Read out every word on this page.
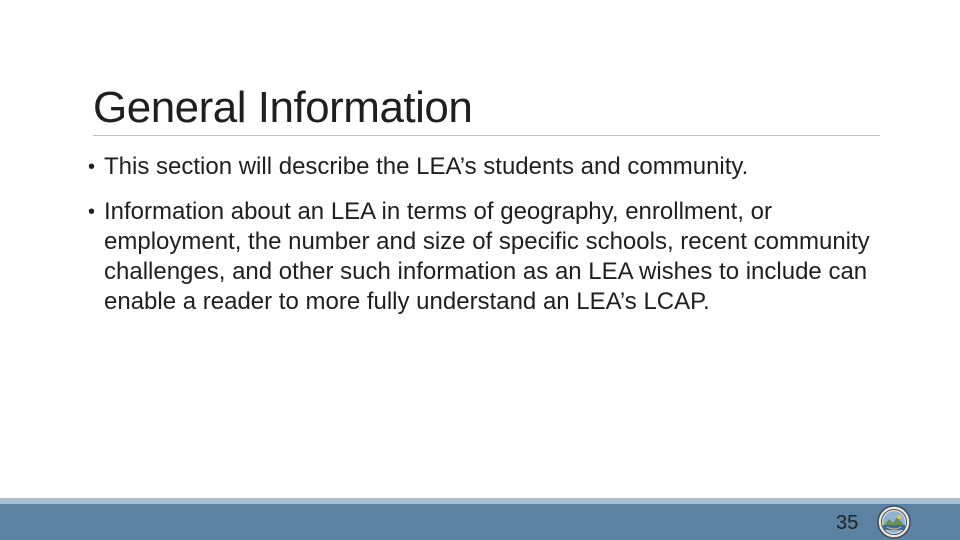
General Information
• This section will describe the LEA’s students and community.
• Information about an LEA in terms of geography, enrollment, or employment, the number and size of specific schools, recent community challenges, and other such information as an LEA wishes to include can enable a reader to more fully understand an LEA’s LCAP.
35
